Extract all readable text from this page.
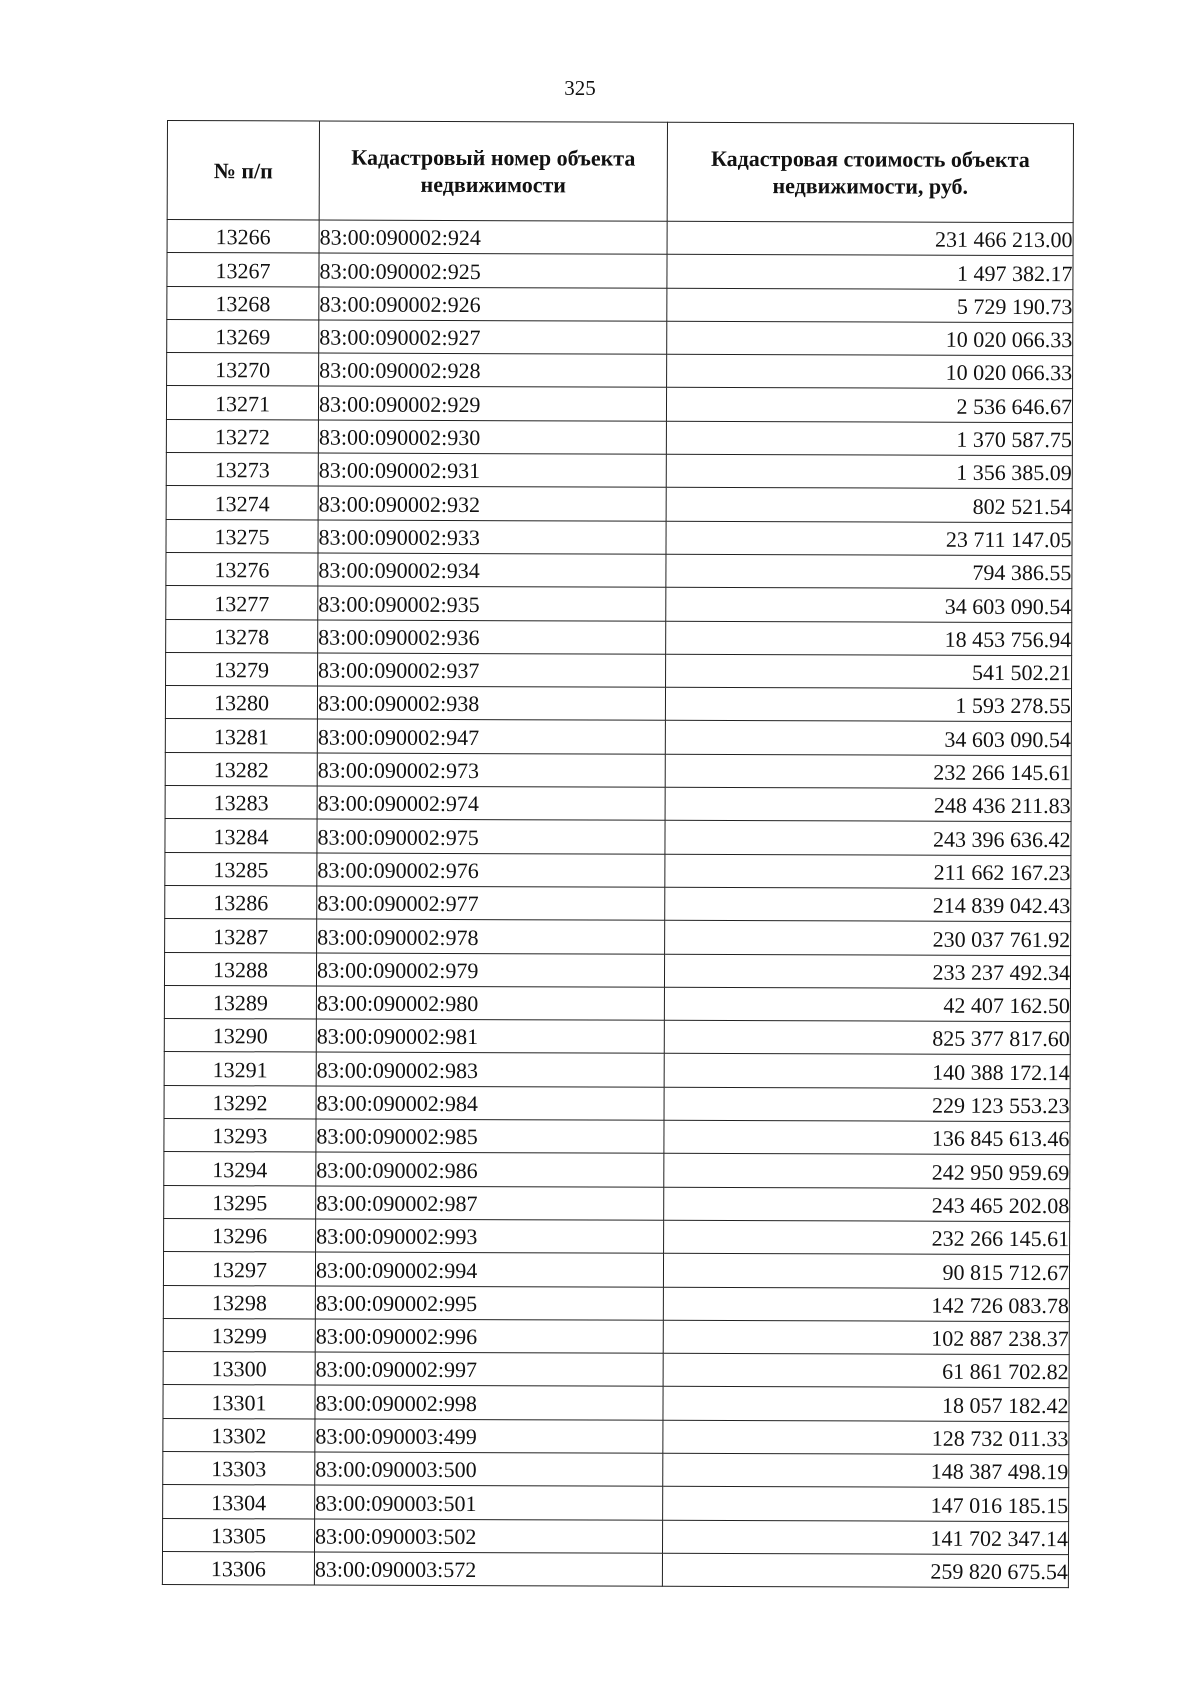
325
№ п/п	Кадастровый номер объекта недвижимости	Кадастровая стоимость объекта недвижимости, руб.
13266	83:00:090002:924	231 466 213.00
13267	83:00:090002:925	1 497 382.17
13268	83:00:090002:926	5 729 190.73
13269	83:00:090002:927	10 020 066.33
13270	83:00:090002:928	10 020 066.33
13271	83:00:090002:929	2 536 646.67
13272	83:00:090002:930	1 370 587.75
13273	83:00:090002:931	1 356 385.09
13274	83:00:090002:932	802 521.54
13275	83:00:090002:933	23 711 147.05
13276	83:00:090002:934	794 386.55
13277	83:00:090002:935	34 603 090.54
13278	83:00:090002:936	18 453 756.94
13279	83:00:090002:937	541 502.21
13280	83:00:090002:938	1 593 278.55
13281	83:00:090002:947	34 603 090.54
13282	83:00:090002:973	232 266 145.61
13283	83:00:090002:974	248 436 211.83
13284	83:00:090002:975	243 396 636.42
13285	83:00:090002:976	211 662 167.23
13286	83:00:090002:977	214 839 042.43
13287	83:00:090002:978	230 037 761.92
13288	83:00:090002:979	233 237 492.34
13289	83:00:090002:980	42 407 162.50
13290	83:00:090002:981	825 377 817.60
13291	83:00:090002:983	140 388 172.14
13292	83:00:090002:984	229 123 553.23
13293	83:00:090002:985	136 845 613.46
13294	83:00:090002:986	242 950 959.69
13295	83:00:090002:987	243 465 202.08
13296	83:00:090002:993	232 266 145.61
13297	83:00:090002:994	90 815 712.67
13298	83:00:090002:995	142 726 083.78
13299	83:00:090002:996	102 887 238.37
13300	83:00:090002:997	61 861 702.82
13301	83:00:090002:998	18 057 182.42
13302	83:00:090003:499	128 732 011.33
13303	83:00:090003:500	148 387 498.19
13304	83:00:090003:501	147 016 185.15
13305	83:00:090003:502	141 702 347.14
13306	83:00:090003:572	259 820 675.54
